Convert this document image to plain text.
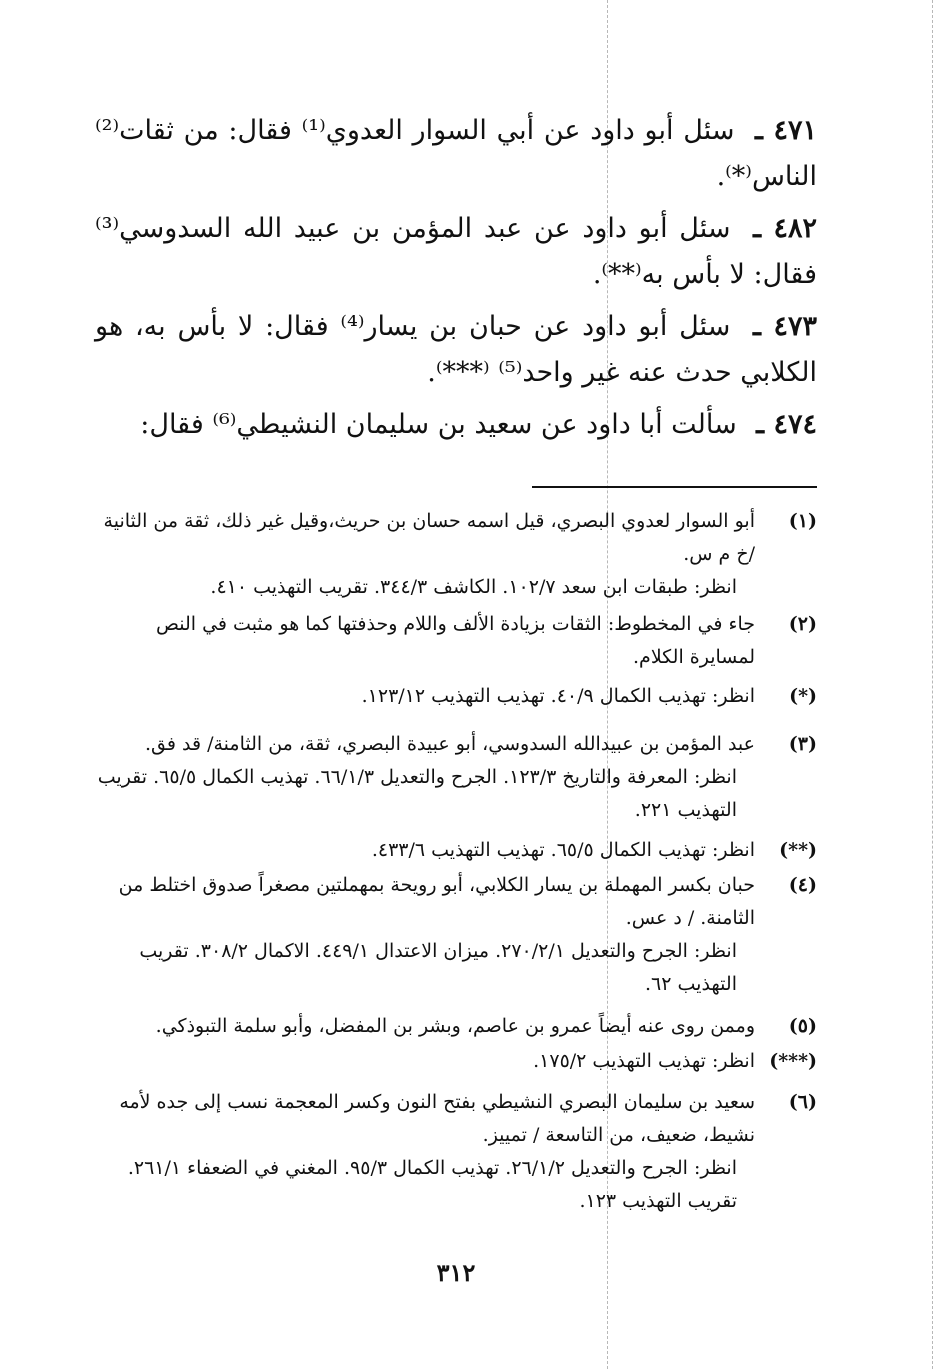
٤٧١ ـ سئل أبو داود عن أبي السوار العدوي⁽¹⁾ فقال: من ثقات⁽²⁾ الناس⁽*⁾.
٤٨٢ ـ سئل أبو داود عن عبد المؤمن بن عبيد الله السدوسي⁽³⁾ فقال: لا بأس به⁽**⁾.
٤٧٣ ـ سئل أبو داود عن حبان بن يسار⁽⁴⁾ فقال: لا بأس به، هو الكلابي حدث عنه غير واحد⁽⁵⁾ ⁽***⁾.
٤٧٤ ـ سألت أبا داود عن سعيد بن سليمان النشيطي⁽⁶⁾ فقال:
(١)
أبو السوار لعدوي البصري، قيل اسمه حسان بن حريث،وقيل غير ذلك، ثقة من الثانية /خ م س.
انظر: طبقات ابن سعد ١٠٢/٧. الكاشف ٣٤٤/٣. تقريب التهذيب ٤١٠.
(٢)
جاء في المخطوط: الثقات بزيادة الألف واللام وحذفتها كما هو مثبت في النص لمسايرة الكلام.
(*)
انظر: تهذيب الكمال ٤٠/٩. تهذيب التهذيب ١٢٣/١٢.
(٣)
عبد المؤمن بن عبيدالله السدوسي، أبو عبيدة البصري، ثقة، من الثامنة/ قد فق.
انظر: المعرفة والتاريخ ١٢٣/٣. الجرح والتعديل ٦٦/١/٣. تهذيب الكمال ٦٥/٥. تقريب التهذيب ٢٢١.
(**)
انظر: تهذيب الكمال ٦٥/٥. تهذيب التهذيب ٤٣٣/٦.
(٤)
حبان بكسر المهملة بن يسار الكلابي، أبو رويحة بمهملتين مصغراً صدوق اختلط من الثامنة. / د عس.
انظر: الجرح والتعديل ٢٧٠/٢/١. ميزان الاعتدال ٤٤٩/١. الاكمال ٣٠٨/٢. تقريب التهذيب ٦٢.
(٥)
وممن روى عنه أيضاً عمرو بن عاصم، وبشر بن المفضل، وأبو سلمة التبوذكي.
(***)
انظر: تهذيب التهذيب ١٧٥/٢.
(٦)
سعيد بن سليمان البصري النشيطي بفتح النون وكسر المعجمة نسب إلى جده لأمه نشيط، ضعيف، من التاسعة / تمييز.
انظر: الجرح والتعديل ٢٦/١/٢. تهذيب الكمال ٩٥/٣. المغني في الضعفاء ٢٦١/١. تقريب التهذيب ١٢٣.
٣١٢
